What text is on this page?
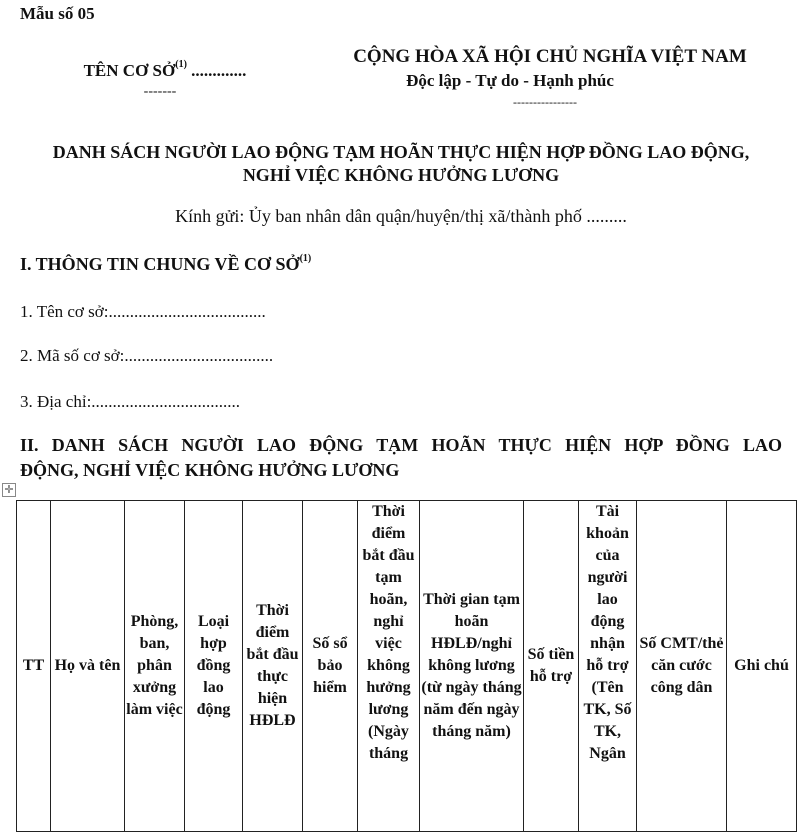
Mẫu số 05
TÊN CƠ SỞ$^{(1)}$ .............
-------
CỘNG HÒA XÃ HỘI CHỦ NGHĨA VIỆT NAM
Độc lập - Tự do - Hạnh phúc
----------------
DANH SÁCH NGƯỜI LAO ĐỘNG TẠM HOÃN THỰC HIỆN HỢP ĐỒNG LAO ĐỘNG,
NGHỈ VIỆC KHÔNG HƯỞNG LƯƠNG
Kính gửi: Ủy ban nhân dân quận/huyện/thị xã/thành phố .........
I. THÔNG TIN CHUNG VỀ CƠ SỞ$^{(1)}$
1. Tên cơ sở:.....................................
2. Mã số cơ sở:...................................
3. Địa chỉ:...................................
II. DANH SÁCH NGƯỜI LAO ĐỘNG TẠM HOÃN THỰC HIỆN HỢP ĐỒNG LAO
ĐỘNG, NGHỈ VIỆC KHÔNG HƯỞNG LƯƠNG
✛
TT	Họ và tên	Phòng, ban, phân xưởng làm việc	Loại hợp đồng lao động	Thời điểm bắt đầu thực hiện HĐLĐ	Số sổ bảo hiểm	Thời điểm bắt đầu tạm hoãn, nghỉ việc không hưởng lương (Ngày tháng	Thời gian tạm hoãn HĐLĐ/nghỉ không lương (từ ngày tháng năm đến ngày tháng năm)	Số tiền hỗ trợ	Tài khoản của người lao động nhận hỗ trợ (Tên TK, Số TK, Ngân	Số CMT/thẻ căn cước công dân	Ghi chú
